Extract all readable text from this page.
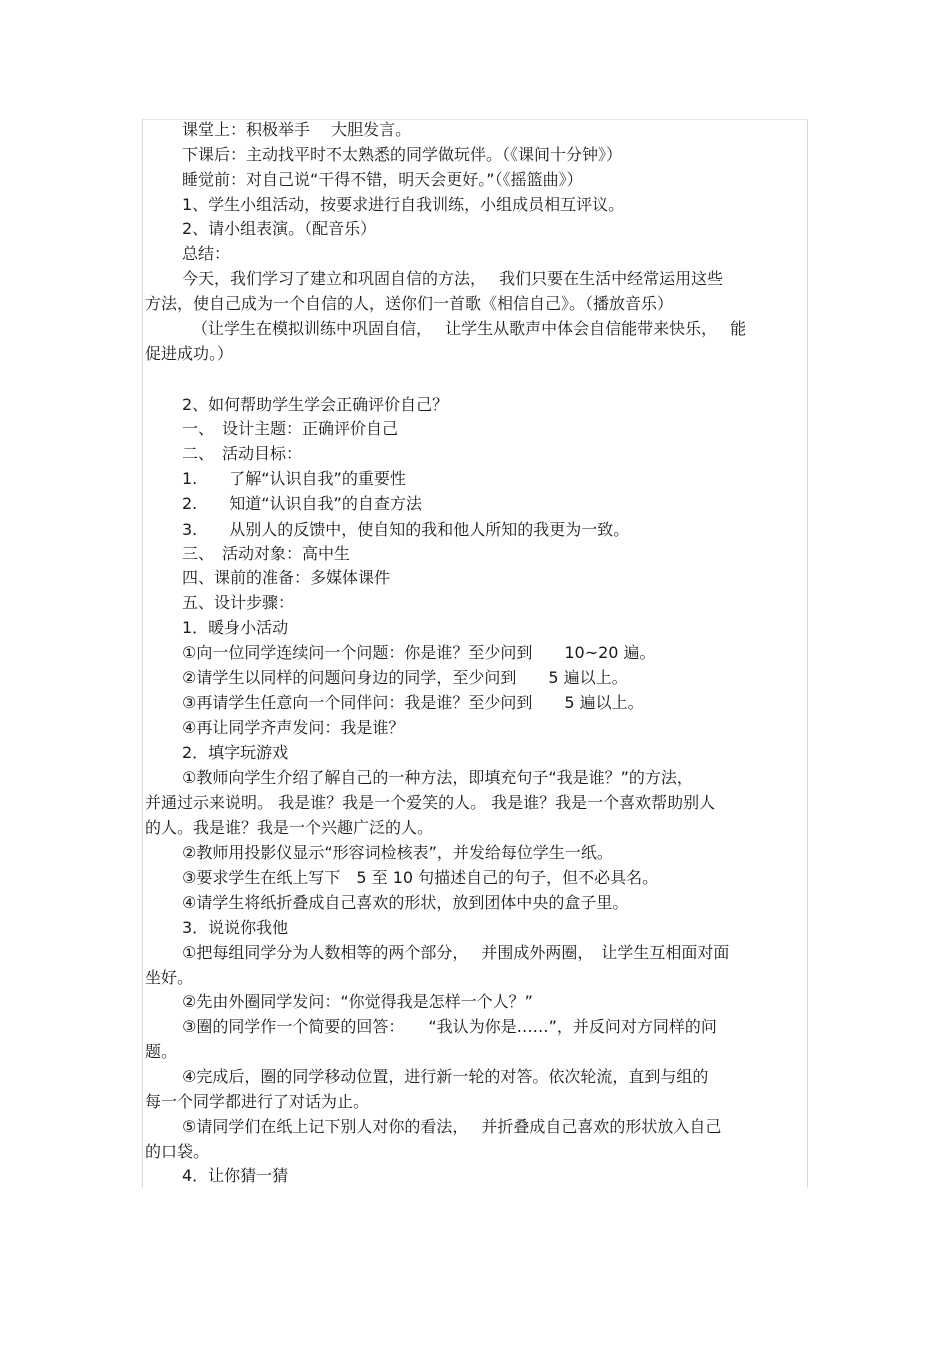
课堂上：积极举手　 大胆发言。
下课后：主动找平时不太熟悉的同学做玩伴。（《课间十分钟》）
睡觉前：对自己说“干得不错，明天会更好。”（《摇篮曲》）
1、学生小组活动，按要求进行自我训练，小组成员相互评议。
2、请小组表演。（配音乐）
总结：
今天，我们学习了建立和巩固自信的方法，　 我们只要在生活中经常运用这些
方法，使自己成为一个自信的人，送你们一首歌《相信自己》。（播放音乐）
（让学生在模拟训练中巩固自信，　 让学生从歌声中体会自信能带来快乐，　 能
促进成功。）
2、如何帮助学生学会正确评价自己？
一、　设计主题：正确评价自己
二、　活动目标：
1.　　了解“认识自我”的重要性
2.　　知道“认识自我”的自查方法
3.　　从别人的反馈中，使自知的我和他人所知的我更为一致。
三、　活动对象：高中生
四、课前的准备：多媒体课件
五、设计步骤：
1．暖身小活动
①向一位同学连续问一个问题：你是谁？至少问到　　10~20 遍。
②请学生以同样的问题问身边的同学，至少问到　　5 遍以上。
③再请学生任意向一个同伴问：我是谁？至少问到　　5 遍以上。
④再让同学齐声发问：我是谁？
2．填字玩游戏
①教师向学生介绍了解自己的一种方法，即填充句子“我是谁？”的方法，
并通过示来说明。 我是谁？我是一个爱笑的人。 我是谁？我是一个喜欢帮助别人
的人。我是谁？我是一个兴趣广泛的人。
②教师用投影仪显示“形容词检核表”，并发给每位学生一纸。
③要求学生在纸上写下　5 至 10 句描述自己的句子，但不必具名。
④请学生将纸折叠成自己喜欢的形状，放到团体中央的盒子里。
3．说说你我他
①把每组同学分为人数相等的两个部分，　 并围成外两圈，　让学生互相面对面
坐好。
②先由外圈同学发问：“你觉得我是怎样一个人？”
③圈的同学作一个简要的回答：　　“我认为你是……”，并反问对方同样的问
题。
④完成后，圈的同学移动位置，进行新一轮的对答。依次轮流，直到与组的
每一个同学都进行了对话为止。
⑤请同学们在纸上记下别人对你的看法，　 并折叠成自己喜欢的形状放入自己
的口袋。
4．让你猜一猜
